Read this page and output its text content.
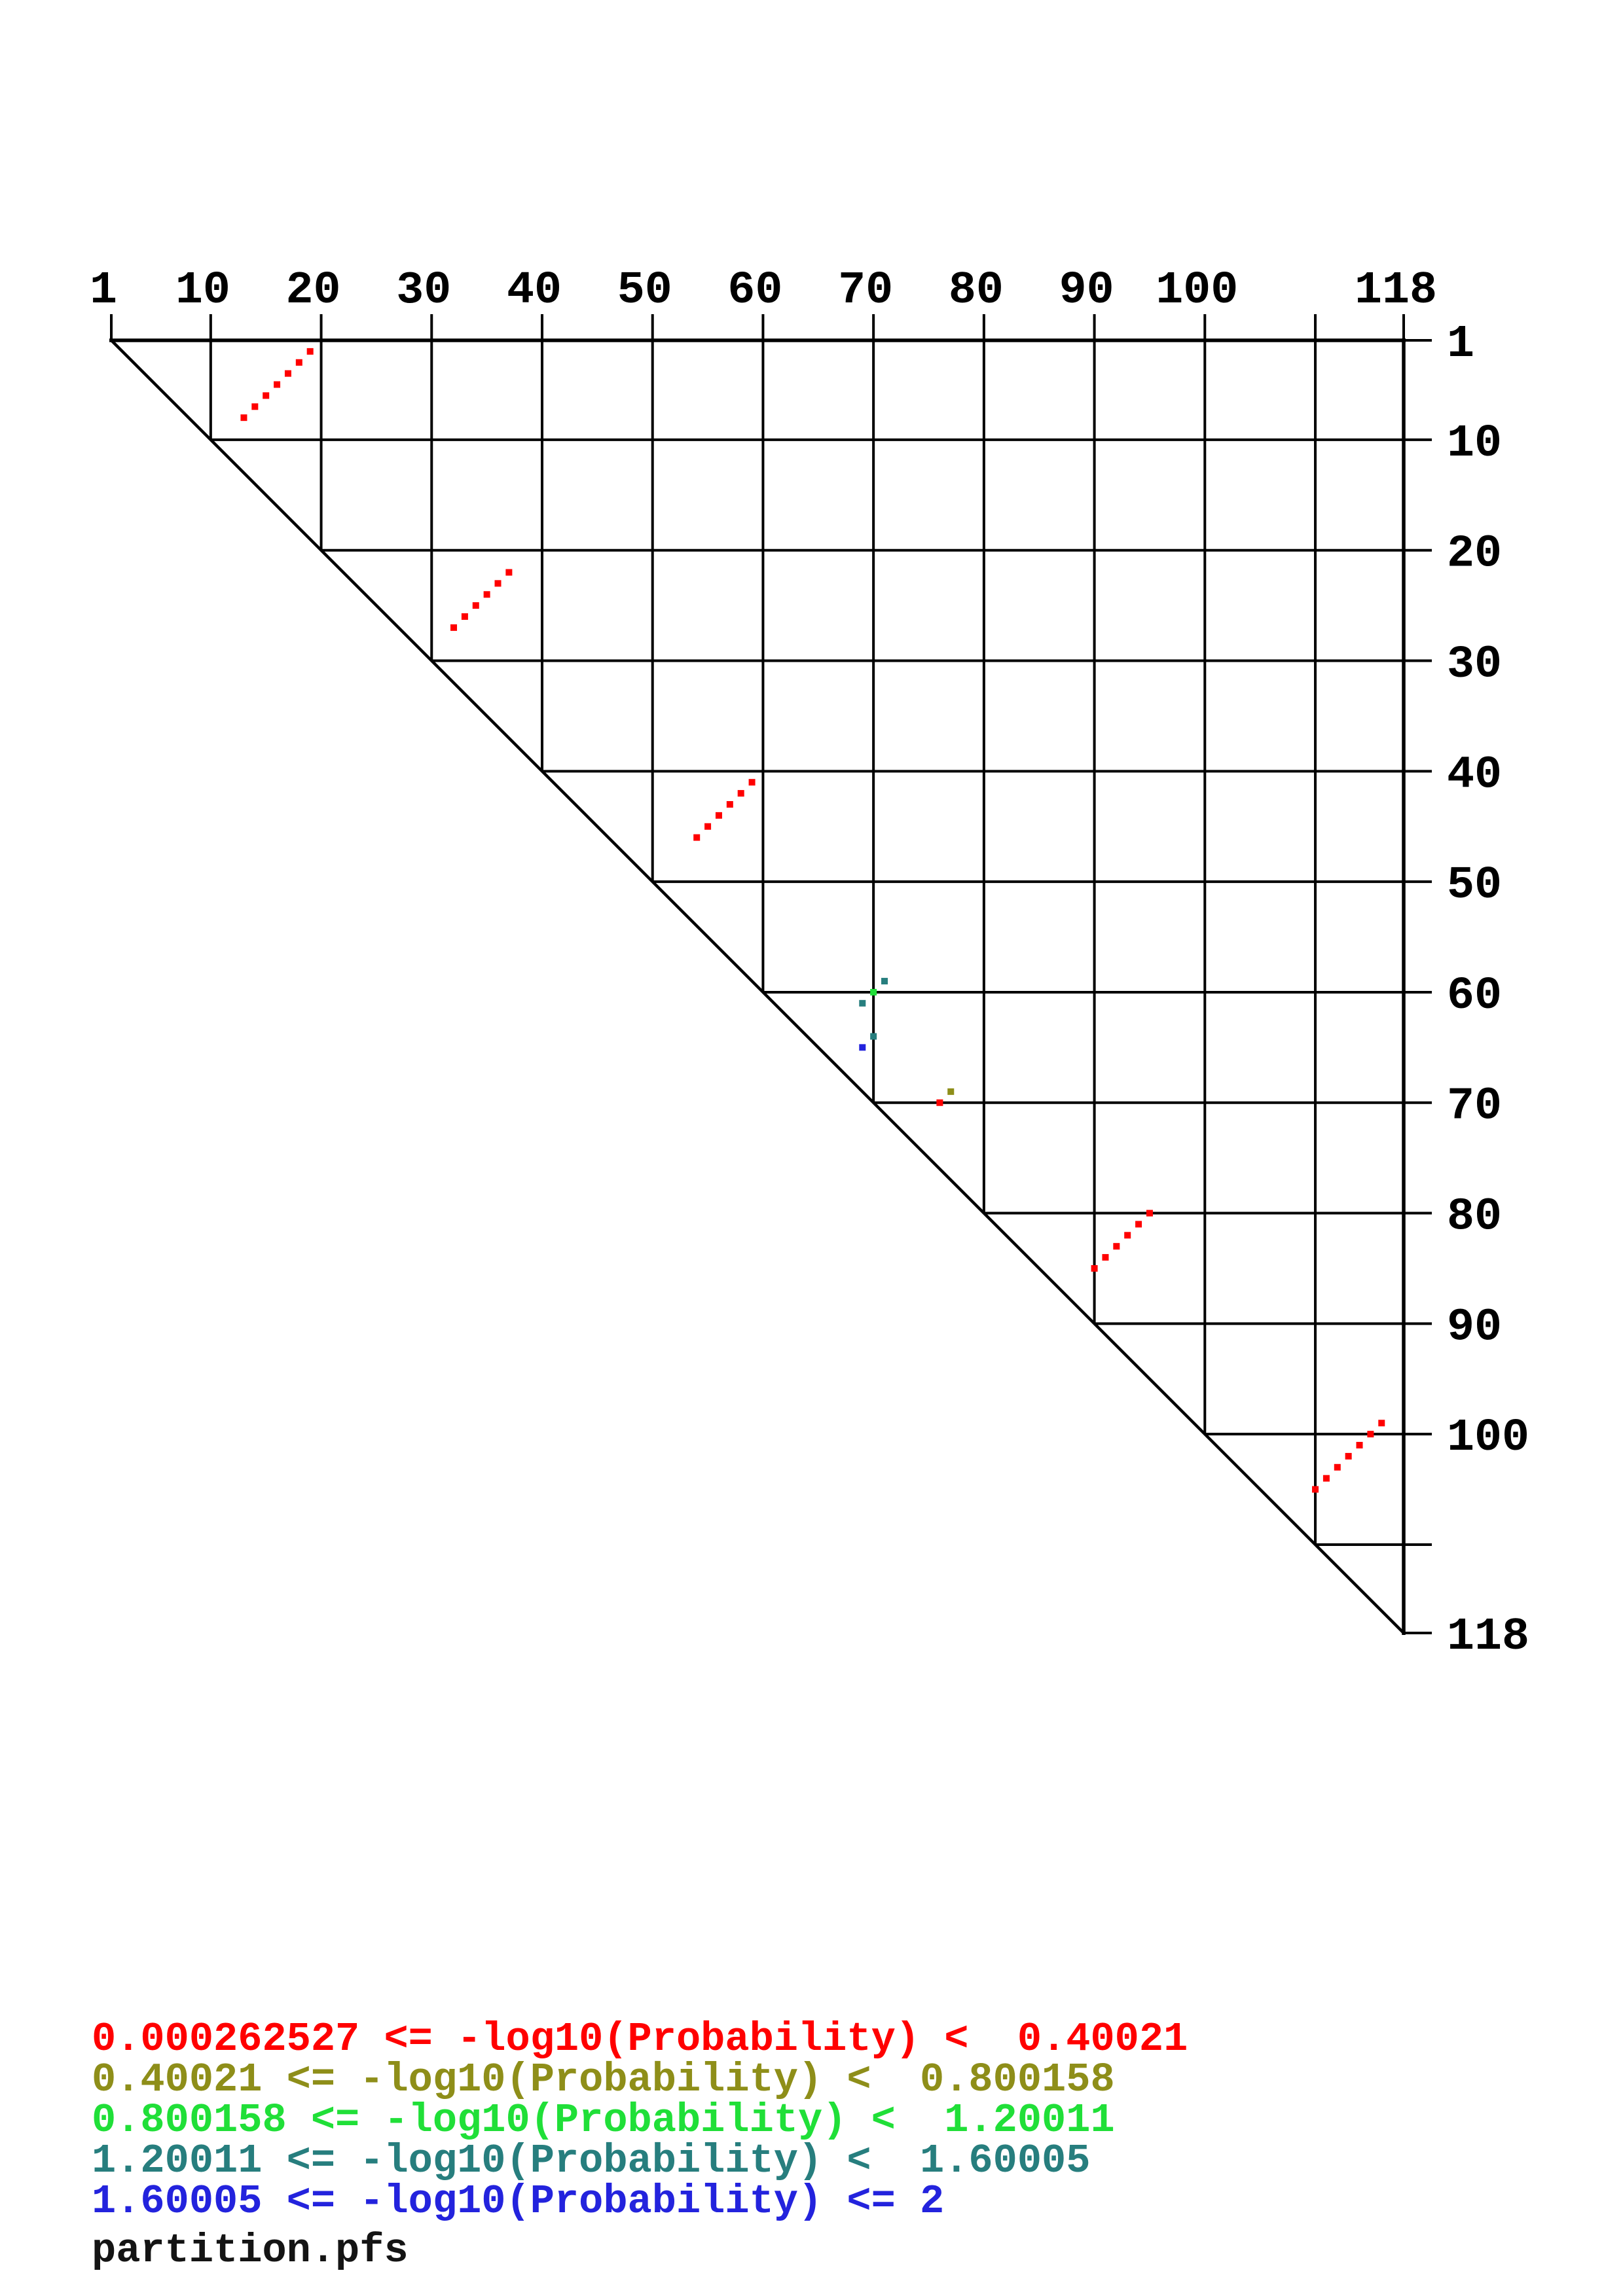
1 10 20 30 40 50 60 70 80 90 100	118
1
10
20
30
40
50
60
70
80
90
100
118
0.000262527 <= -log10(Probability) <  0.40021
0.40021 <= -log10(Probability) <  0.800158
0.800158 <= -log10(Probability) <  1.20011
1.20011 <= -log10(Probability) <  1.60005
1.60005 <= -log10(Probability) <= 2
partition.pfs
